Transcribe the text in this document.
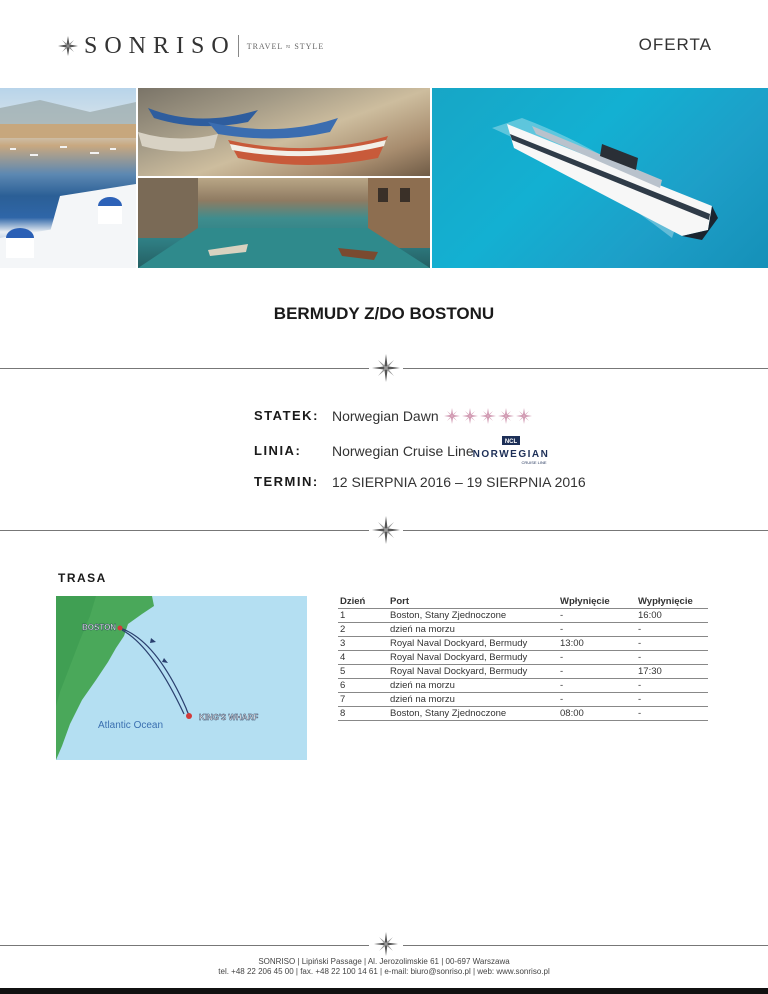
SONRISO TRAVEL ≈ STYLE	OFERTA
BERMUDY Z/DO BOSTONU
STATEK: Norwegian Dawn
LINIA: Norwegian Cruise Line
NCL
NORWEGIAN
CRUISE LINE
TERMIN: 12 SIERPNIA 2016 – 19 SIERPNIA 2016
TRASA
BOSTON
Atlantic Ocean
KING'S WHARF
Dzień	Port	Wpłynięcie	Wypłynięcie
1	Boston, Stany Zjednoczone	-	16:00
2	dzień na morzu	-	-
3	Royal Naval Dockyard, Bermudy	13:00	-
4	Royal Naval Dockyard, Bermudy	-	-
5	Royal Naval Dockyard, Bermudy	-	17:30
6	dzień na morzu	-	-
7	dzień na morzu	-	-
8	Boston, Stany Zjednoczone	08:00	-
SONRISO | Lipiński Passage | Al. Jerozolimskie 61 | 00-697 Warszawa
tel. +48 22 206 45 00 | fax. +48 22 100 14 61 | e-mail: biuro@sonriso.pl | web: www.sonriso.pl
